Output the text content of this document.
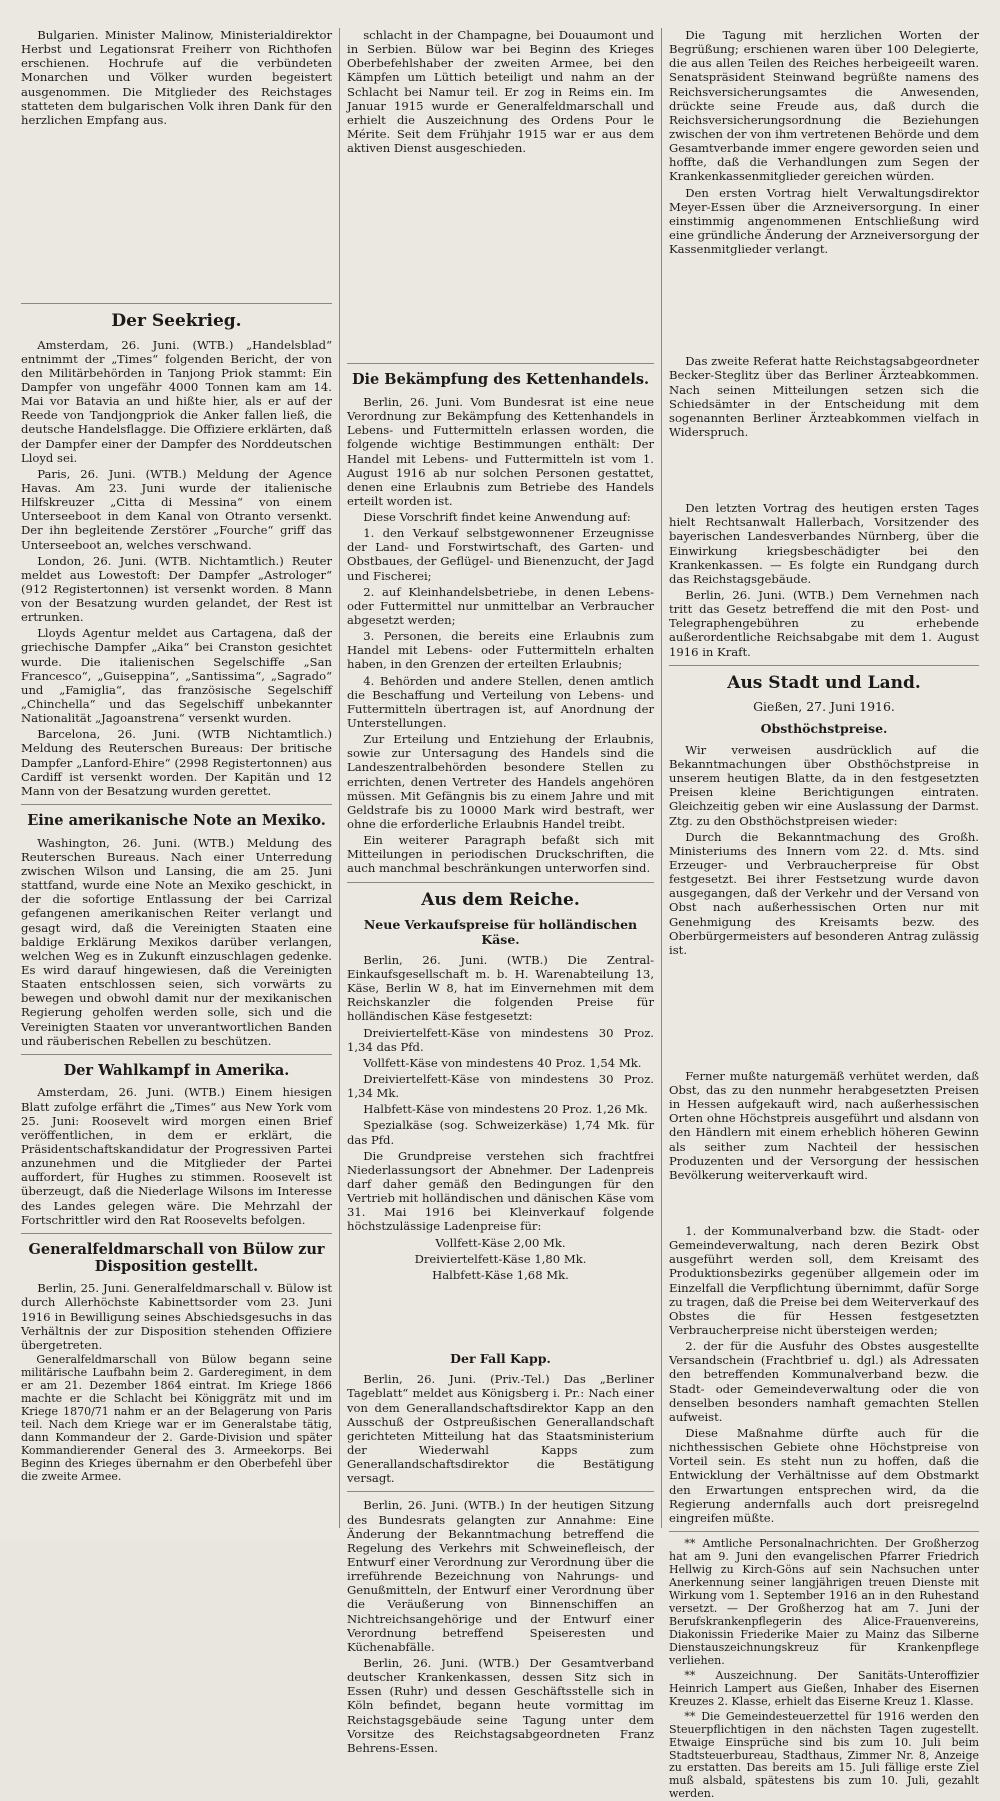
Bulgarien. Minister Malinow, Ministerialdirektor Herbst und Legationsrat Freiherr von Richthofen erschienen. Hochrufe auf die verbündeten Monarchen und Völker wurden begeistert ausgenommen. Die Mitglieder des Reichstages statteten dem bulgarischen Volk ihren Dank für den herzlichen Empfang aus.

Der Seekrieg.

Amsterdam, 26. Juni. (WTB.) „Handelsblad“ entnimmt der „Times“ folgenden Bericht, der von den Militärbehörden in Tanjong Priok stammt: Ein Dampfer von ungefähr 4000 Tonnen kam am 14. Mai vor Batavia an und hißte hier, als er auf der Reede von Tandjongpriok die Anker fallen ließ, die deutsche Handelsflagge. Die Offiziere erklärten, daß der Dampfer einer der Dampfer des Norddeutschen Lloyd sei.

Paris, 26. Juni. (WTB.) Meldung der Agence Havas. Am 23. Juni wurde der italienische Hilfskreuzer „Citta di Messina“ von einem Unterseeboot in dem Kanal von Otranto versenkt. Der ihn begleitende Zerstörer „Fourche“ griff das Unterseeboot an, welches verschwand.

London, 26. Juni. (WTB. Nichtamtlich.) Reuter meldet aus Lowestoft: Der Dampfer „Astrologer“ (912 Registertonnen) ist versenkt worden. 8 Mann von der Besatzung wurden gelandet, der Rest ist ertrunken.

Lloyds Agentur meldet aus Cartagena, daß der griechische Dampfer „Aika“ bei Cranston gesichtet wurde. Die italienischen Segelschiffe „San Francesco“, „Guiseppina“, „Santissima“, „Sagrado“ und „Famiglia“, das französische Segelschiff „Chinchella“ und das Segelschiff unbekannter Nationalität „Jagoanstrena“ versenkt wurden.

Barcelona, 26. Juni. (WTB Nichtamtlich.) Meldung des Reuterschen Bureaus: Der britische Dampfer „Lanford-Ehire“ (2998 Registertonnen) aus Cardiff ist versenkt worden. Der Kapitän und 12 Mann von der Besatzung wurden gerettet.

Eine amerikanische Note an Mexiko.

Washington, 26. Juni. (WTB.) Meldung des Reuterschen Bureaus. Nach einer Unterredung zwischen Wilson und Lansing, die am 25. Juni stattfand, wurde eine Note an Mexiko geschickt, in der die sofortige Entlassung der bei Carrizal gefangenen amerikanischen Reiter verlangt und gesagt wird, daß die Vereinigten Staaten eine baldige Erklärung Mexikos darüber verlangen, welchen Weg es in Zukunft einzuschlagen gedenke. Es wird darauf hingewiesen, daß die Vereinigten Staaten entschlossen seien, sich vorwärts zu bewegen und obwohl damit nur der mexikanischen Regierung geholfen werden solle, sich und die Vereinigten Staaten vor unverantwortlichen Banden und räuberischen Rebellen zu beschützen.

Der Wahlkampf in Amerika.

Amsterdam, 26. Juni. (WTB.) Einem hiesigen Blatt zufolge erfährt die „Times“ aus New York vom 25. Juni: Roosevelt wird morgen einen Brief veröffentlichen, in dem er erklärt, die Präsidentschaftskandidatur der Progressiven Partei anzunehmen und die Mitglieder der Partei auffordert, für Hughes zu stimmen. Roosevelt ist überzeugt, daß die Niederlage Wilsons im Interesse des Landes gelegen wäre. Die Mehrzahl der Fortschrittler wird den Rat Roosevelts befolgen.

Generalfeldmarschall von Bülow zur Disposition gestellt.

Berlin, 25. Juni. Generalfeldmarschall v. Bülow ist durch Allerhöchste Kabinettsorder vom 23. Juni 1916 in Bewilligung seines Abschiedsgesuchs in das Verhältnis der zur Disposition stehenden Offiziere übergetreten.

Generalfeldmarschall von Bülow begann seine militärische Laufbahn beim 2. Garderegiment, in dem er am 21. Dezember 1864 eintrat. Im Kriege 1866 machte er die Schlacht bei Königgrätz mit und im Kriege 1870/71 nahm er an der Belagerung von Paris teil. Nach dem Kriege war er im Generalstabe tätig, dann Kommandeur der 2. Garde-Division und später Kommandierender General des 3. Armeekorps. Bei Beginn des Krieges übernahm er den Oberbefehl über die zweite Armee.

schlacht in der Champagne, bei Douaumont und in Serbien. Bülow war bei Beginn des Krieges Oberbefehlshaber der zweiten Armee, bei den Kämpfen um Lüttich beteiligt und nahm an der Schlacht bei Namur teil. Er zog in Reims ein. Im Januar 1915 wurde er Generalfeldmarschall und erhielt die Auszeichnung des Ordens Pour le Mérite. Seit dem Frühjahr 1915 war er aus dem aktiven Dienst ausgeschieden.

Die Bekämpfung des Kettenhandels.

Berlin, 26. Juni. Vom Bundesrat ist eine neue Verordnung zur Bekämpfung des Kettenhandels in Lebens- und Futtermitteln erlassen worden, die folgende wichtige Bestimmungen enthält: Der Handel mit Lebens- und Futtermitteln ist vom 1. August 1916 ab nur solchen Personen gestattet, denen eine Erlaubnis zum Betriebe des Handels erteilt worden ist.

Diese Vorschrift findet keine Anwendung auf:

1. den Verkauf selbstgewonnener Erzeugnisse der Land- und Forstwirtschaft, des Garten- und Obstbaues, der Geflügel- und Bienenzucht, der Jagd und Fischerei;

2. auf Kleinhandelsbetriebe, in denen Lebens- oder Futtermittel nur unmittelbar an Verbraucher abgesetzt werden;

3. Personen, die bereits eine Erlaubnis zum Handel mit Lebens- oder Futtermitteln erhalten haben, in den Grenzen der erteilten Erlaubnis;

4. Behörden und andere Stellen, denen amtlich die Beschaffung und Verteilung von Lebens- und Futtermitteln übertragen ist, auf Anordnung der Unterstellungen.

Zur Erteilung und Entziehung der Erlaubnis, sowie zur Untersagung des Handels sind die Landeszentralbehörden besondere Stellen zu errichten, denen Vertreter des Handels angehören müssen. Mit Gefängnis bis zu einem Jahre und mit Geldstrafe bis zu 10000 Mark wird bestraft, wer ohne die erforderliche Erlaubnis Handel treibt.

Ein weiterer Paragraph befaßt sich mit Mitteilungen in periodischen Druckschriften, die auch manchmal beschränkungen unterworfen sind.

Aus dem Reiche.
Neue Verkaufspreise für holländischen Käse.

Berlin, 26. Juni. (WTB.) Die Zentral-Einkaufsgesellschaft m. b. H. Warenabteilung 13, Käse, Berlin W 8, hat im Einvernehmen mit dem Reichskanzler die folgenden Preise für holländischen Käse festgesetzt:

Dreiviertelfett-Käse von mindestens 30 Proz. 1,34 das Pfd.

Vollfett-Käse von mindestens 40 Proz. 1,54 Mk.

Dreiviertelfett-Käse von mindestens 30 Proz. 1,34 Mk.

Halbfett-Käse von mindestens 20 Proz. 1,26 Mk.

Spezialkäse (sog. Schweizerkäse) 1,74 Mk. für das Pfd.

Die Grundpreise verstehen sich frachtfrei Niederlassungsort der Abnehmer. Der Ladenpreis darf daher gemäß den Bedingungen für den Vertrieb mit holländischen und dänischen Käse vom 31. Mai 1916 bei Kleinverkauf folgende höchstzulässige Ladenpreise für:

Vollfett-Käse 2,00 Mk.

Dreiviertelfett-Käse 1,80 Mk.

Halbfett-Käse 1,68 Mk.

Der Fall Kapp.

Berlin, 26. Juni. (Priv.-Tel.) Das „Berliner Tageblatt“ meldet aus Königsberg i. Pr.: Nach einer von dem Generallandschaftsdirektor Kapp an den Ausschuß der Ostpreußischen Generallandschaft gerichteten Mitteilung hat das Staatsministerium der Wiederwahl Kapps zum Generallandschaftsdirektor die Bestätigung versagt.

Berlin, 26. Juni. (WTB.) In der heutigen Sitzung des Bundesrats gelangten zur Annahme: Eine Änderung der Bekanntmachung betreffend die Regelung des Verkehrs mit Schweinefleisch, der Entwurf einer Verordnung zur Verordnung über die irreführende Bezeichnung von Nahrungs- und Genußmitteln, der Entwurf einer Verordnung über die Veräußerung von Binnenschiffen an Nichtreichsangehörige und der Entwurf einer Verordnung betreffend Speiseresten und Küchenabfälle.

Berlin, 26. Juni. (WTB.) Der Gesamtverband deutscher Krankenkassen, dessen Sitz sich in Essen (Ruhr) und dessen Geschäftsstelle sich in Köln befindet, begann heute vormittag im Reichstagsgebäude seine Tagung unter dem Vorsitze des Reichstagsabgeordneten Franz Behrens-Essen.

Die Tagung mit herzlichen Worten der Begrüßung; erschienen waren über 100 Delegierte, die aus allen Teilen des Reiches herbeigeeilt waren. Senatspräsident Steinwand begrüßte namens des Reichsversicherungsamtes die Anwesenden, drückte seine Freude aus, daß durch die Reichsversicherungsordnung die Beziehungen zwischen der von ihm vertretenen Behörde und dem Gesamtverbande immer engere geworden seien und hoffte, daß die Verhandlungen zum Segen der Krankenkassenmitglieder gereichen würden.

Den ersten Vortrag hielt Verwaltungsdirektor Meyer-Essen über die Arzneiversorgung. In einer einstimmig angenommenen Entschließung wird eine gründliche Änderung der Arzneiversorgung der Kassenmitglieder verlangt.

Das zweite Referat hatte Reichstagsabgeordneter Becker-Steglitz über das Berliner Ärzteabkommen. Nach seinen Mitteilungen setzen sich die Schiedsämter in der Entscheidung mit dem sogenannten Berliner Ärzteabkommen vielfach in Widerspruch.

Den letzten Vortrag des heutigen ersten Tages hielt Rechtsanwalt Hallerbach, Vorsitzender des bayerischen Landesverbandes Nürnberg, über die Einwirkung kriegsbeschädigter bei den Krankenkassen. — Es folgte ein Rundgang durch das Reichstagsgebäude.

Berlin, 26. Juni. (WTB.) Dem Vernehmen nach tritt das Gesetz betreffend die mit den Post- und Telegraphengebühren zu erhebende außerordentliche Reichsabgabe mit dem 1. August 1916 in Kraft.

Aus Stadt und Land.
Gießen, 27. Juni 1916.
Obsthöchstpreise.

Wir verweisen ausdrücklich auf die Bekanntmachungen über Obsthöchstpreise in unserem heutigen Blatte, da in den festgesetzten Preisen kleine Berichtigungen eintraten. Gleichzeitig geben wir eine Auslassung der Darmst. Ztg. zu den Obsthöchstpreisen wieder:

Durch die Bekanntmachung des Großh. Ministeriums des Innern vom 22. d. Mts. sind Erzeuger- und Verbraucherpreise für Obst festgesetzt. Bei ihrer Festsetzung wurde davon ausgegangen, daß der Verkehr und der Versand von Obst nach außerhessischen Orten nur mit Genehmigung des Kreisamts bezw. des Oberbürgermeisters auf besonderen Antrag zulässig ist.

Ferner mußte naturgemäß verhütet werden, daß Obst, das zu den nunmehr herabgesetzten Preisen in Hessen aufgekauft wird, nach außerhessischen Orten ohne Höchstpreis ausgeführt und alsdann von den Händlern mit einem erheblich höheren Gewinn als seither zum Nachteil der hessischen Produzenten und der Versorgung der hessischen Bevölkerung weiterverkauft wird.

1. der Kommunalverband bzw. die Stadt- oder Gemeindeverwaltung, nach deren Bezirk Obst ausgeführt werden soll, dem Kreisamt des Produktionsbezirks gegenüber allgemein oder im Einzelfall die Verpflichtung übernimmt, dafür Sorge zu tragen, daß die Preise bei dem Weiterverkauf des Obstes die für Hessen festgesetzten Verbraucherpreise nicht übersteigen werden;

2. der für die Ausfuhr des Obstes ausgestellte Versandschein (Frachtbrief u. dgl.) als Adressaten den betreffenden Kommunalverband bezw. die Stadt- oder Gemeindeverwaltung oder die von denselben besonders namhaft gemachten Stellen aufweist.

Diese Maßnahme dürfte auch für die nichthessischen Gebiete ohne Höchstpreise von Vorteil sein. Es steht nun zu hoffen, daß die Entwicklung der Verhältnisse auf dem Obstmarkt den Erwartungen entsprechen wird, da die Regierung andernfalls auch dort preisregelnd eingreifen müßte.

** Amtliche Personalnachrichten. Der Großherzog hat am 9. Juni den evangelischen Pfarrer Friedrich Hellwig zu Kirch-Göns auf sein Nachsuchen unter Anerkennung seiner langjährigen treuen Dienste mit Wirkung vom 1. September 1916 an in den Ruhestand versetzt. — Der Großherzog hat am 7. Juni der Berufskrankenpflegerin des Alice-Frauenvereins, Diakonissin Friederike Maier zu Mainz das Silberne Dienstauszeichnungskreuz für Krankenpflege verliehen.

** Auszeichnung. Der Sanitäts-Unteroffizier Heinrich Lampert aus Gießen, Inhaber des Eisernen Kreuzes 2. Klasse, erhielt das Eiserne Kreuz 1. Klasse.

** Die Gemeindesteuerzettel für 1916 werden den Steuerpflichtigen in den nächsten Tagen zugestellt. Etwaige Einsprüche sind bis zum 10. Juli beim Stadtsteuerbureau, Stadthaus, Zimmer Nr. 8, Anzeige zu erstatten. Das bereits am 15. Juli fällige erste Ziel muß alsbald, spätestens bis zum 10. Juli, gezahlt werden.
